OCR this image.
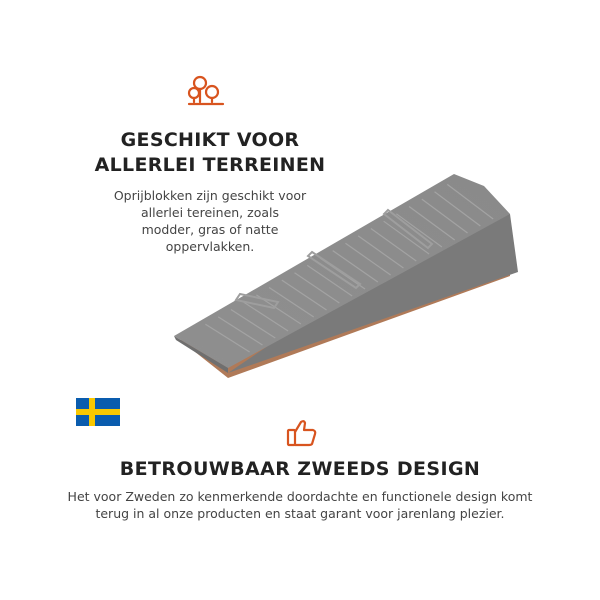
GESCHIKT VOOR
ALLERLEI TERREINEN
Oprijblokken zijn geschikt voor
allerlei tereinen, zoals
modder, gras of natte
oppervlakken.
BETROUWBAAR ZWEEDS DESIGN
Het voor Zweden zo kenmerkende doordachte en functionele design komt
terug in al onze producten en staat garant voor jarenlang plezier.
